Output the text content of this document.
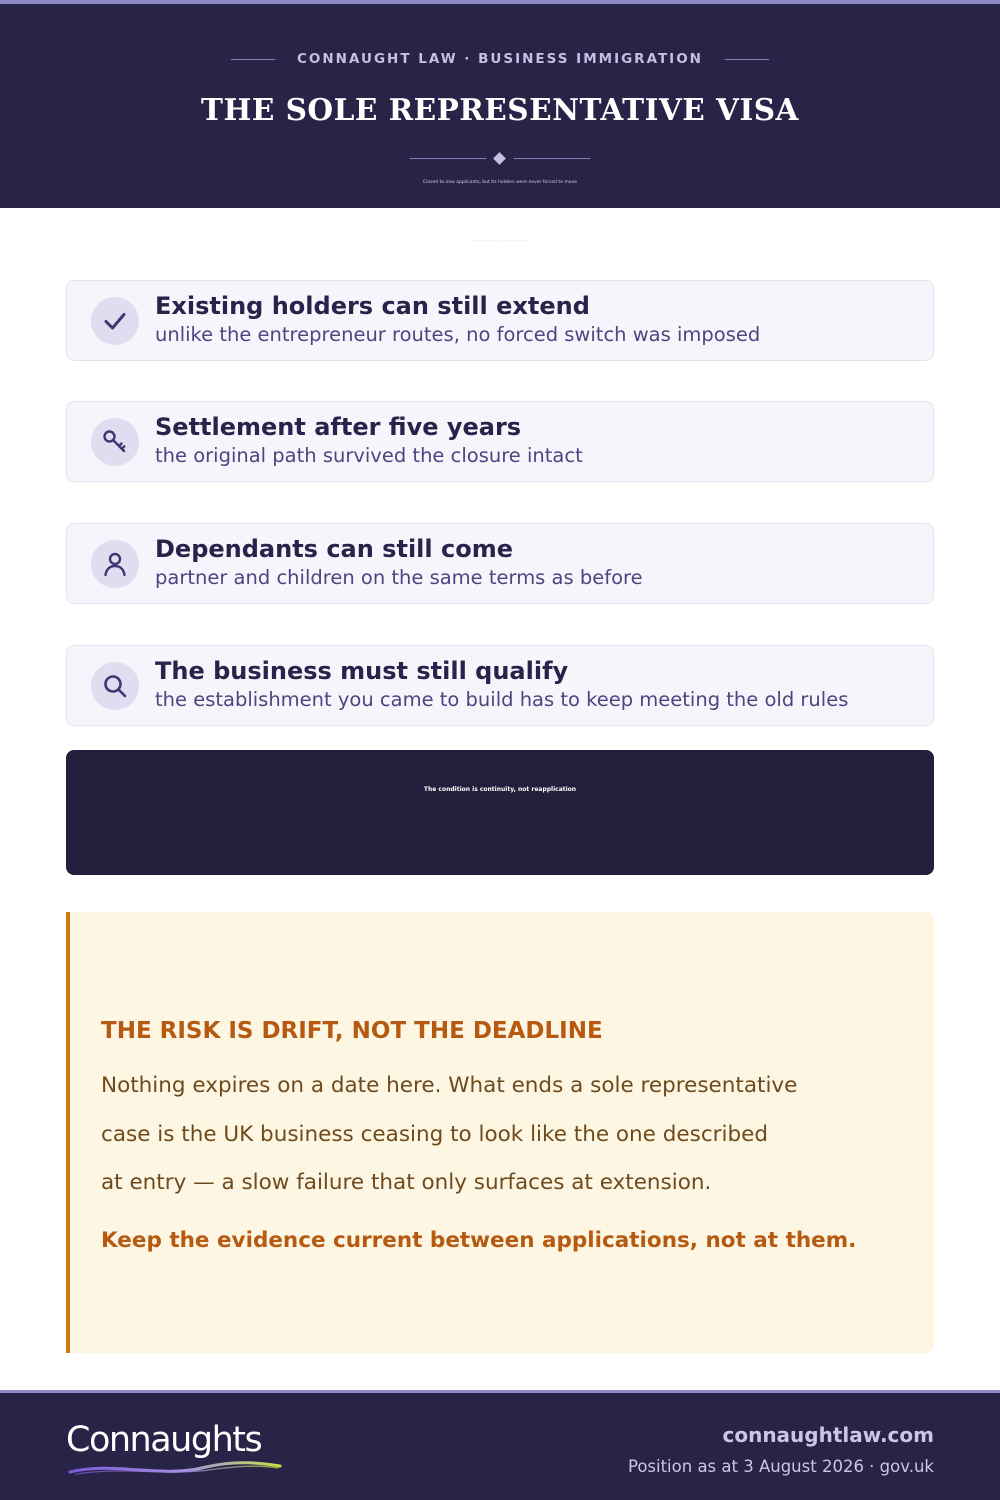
CONNAUGHT LAW · BUSINESS IMMIGRATION
THE SOLE REPRESENTATIVE VISA

Closed to new applicants, but its holders were never forced to move

Existing holders can still extend
unlike the entrepreneur routes, no forced switch was imposed
Settlement after five years
the original path survived the closure intact
Dependants can still come
partner and children on the same terms as before
The business must still qualify
the establishment you came to build has to keep meeting the old rules
The condition is continuity, not reapplication
THE RISK IS DRIFT, NOT THE DEADLINE
Nothing expires on a date here. What ends a sole representative
case is the UK business ceasing to look like the one described
at entry — a slow failure that only surfaces at extension.
Keep the evidence current between applications, not at them.
Connaughts	connaughtlaw.com
Position as at 3 August 2026 · gov.uk
